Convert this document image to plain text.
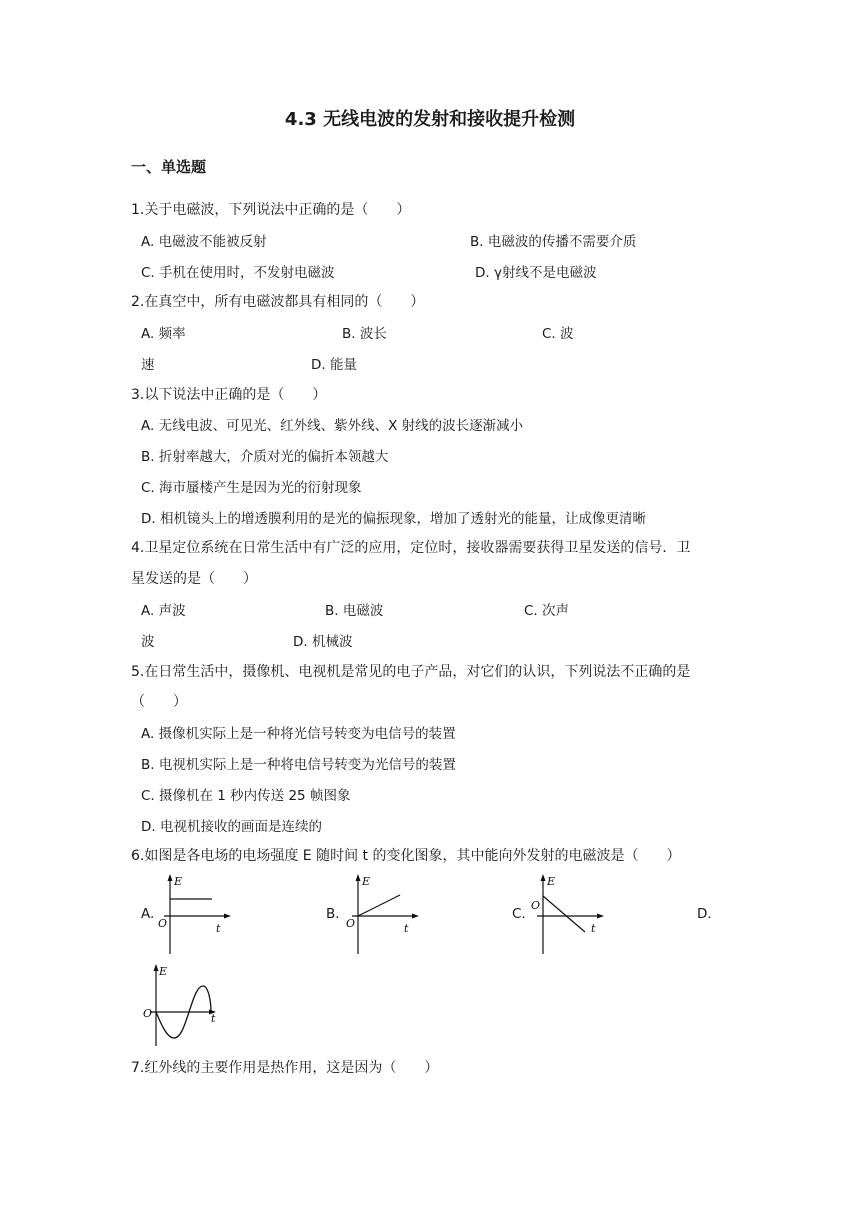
4.3 无线电波的发射和接收提升检测
一、单选题
1.关于电磁波，下列说法中正确的是（　　）
A. 电磁波不能被反射	B. 电磁波的传播不需要介质
C. 手机在使用时，不发射电磁波	D. γ射线不是电磁波
2.在真空中，所有电磁波都具有相同的（　　）
A. 频率	B. 波长	C. 波
速	D. 能量
3.以下说法中正确的是（　　）
A. 无线电波、可见光、红外线、紫外线、X 射线的波长逐渐减小
B. 折射率越大，介质对光的偏折本领越大
C. 海市蜃楼产生是因为光的衍射现象
D. 相机镜头上的增透膜利用的是光的偏振现象，增加了透射光的能量，让成像更清晰
4.卫星定位系统在日常生活中有广泛的应用，定位时，接收器需要获得卫星发送的信号．卫
星发送的是（　　）
A. 声波	B. 电磁波	C. 次声
波	D. 机械波
5.在日常生活中，摄像机、电视机是常见的电子产品，对它们的认识，下列说法不正确的是
（　　）
A. 摄像机实际上是一种将光信号转变为电信号的装置
B. 电视机实际上是一种将电信号转变为光信号的装置
C. 摄像机在 1 秒内传送 25 帧图象
D. 电视机接收的画面是连续的
6.如图是各电场的电场强度 E 随时间 t 的变化图象，其中能向外发射的电磁波是（　　）
A.
E
O	t
B.
E
O	t
C.
E
O
t
D.
E
O	t
7.红外线的主要作用是热作用，这是因为（　　）
